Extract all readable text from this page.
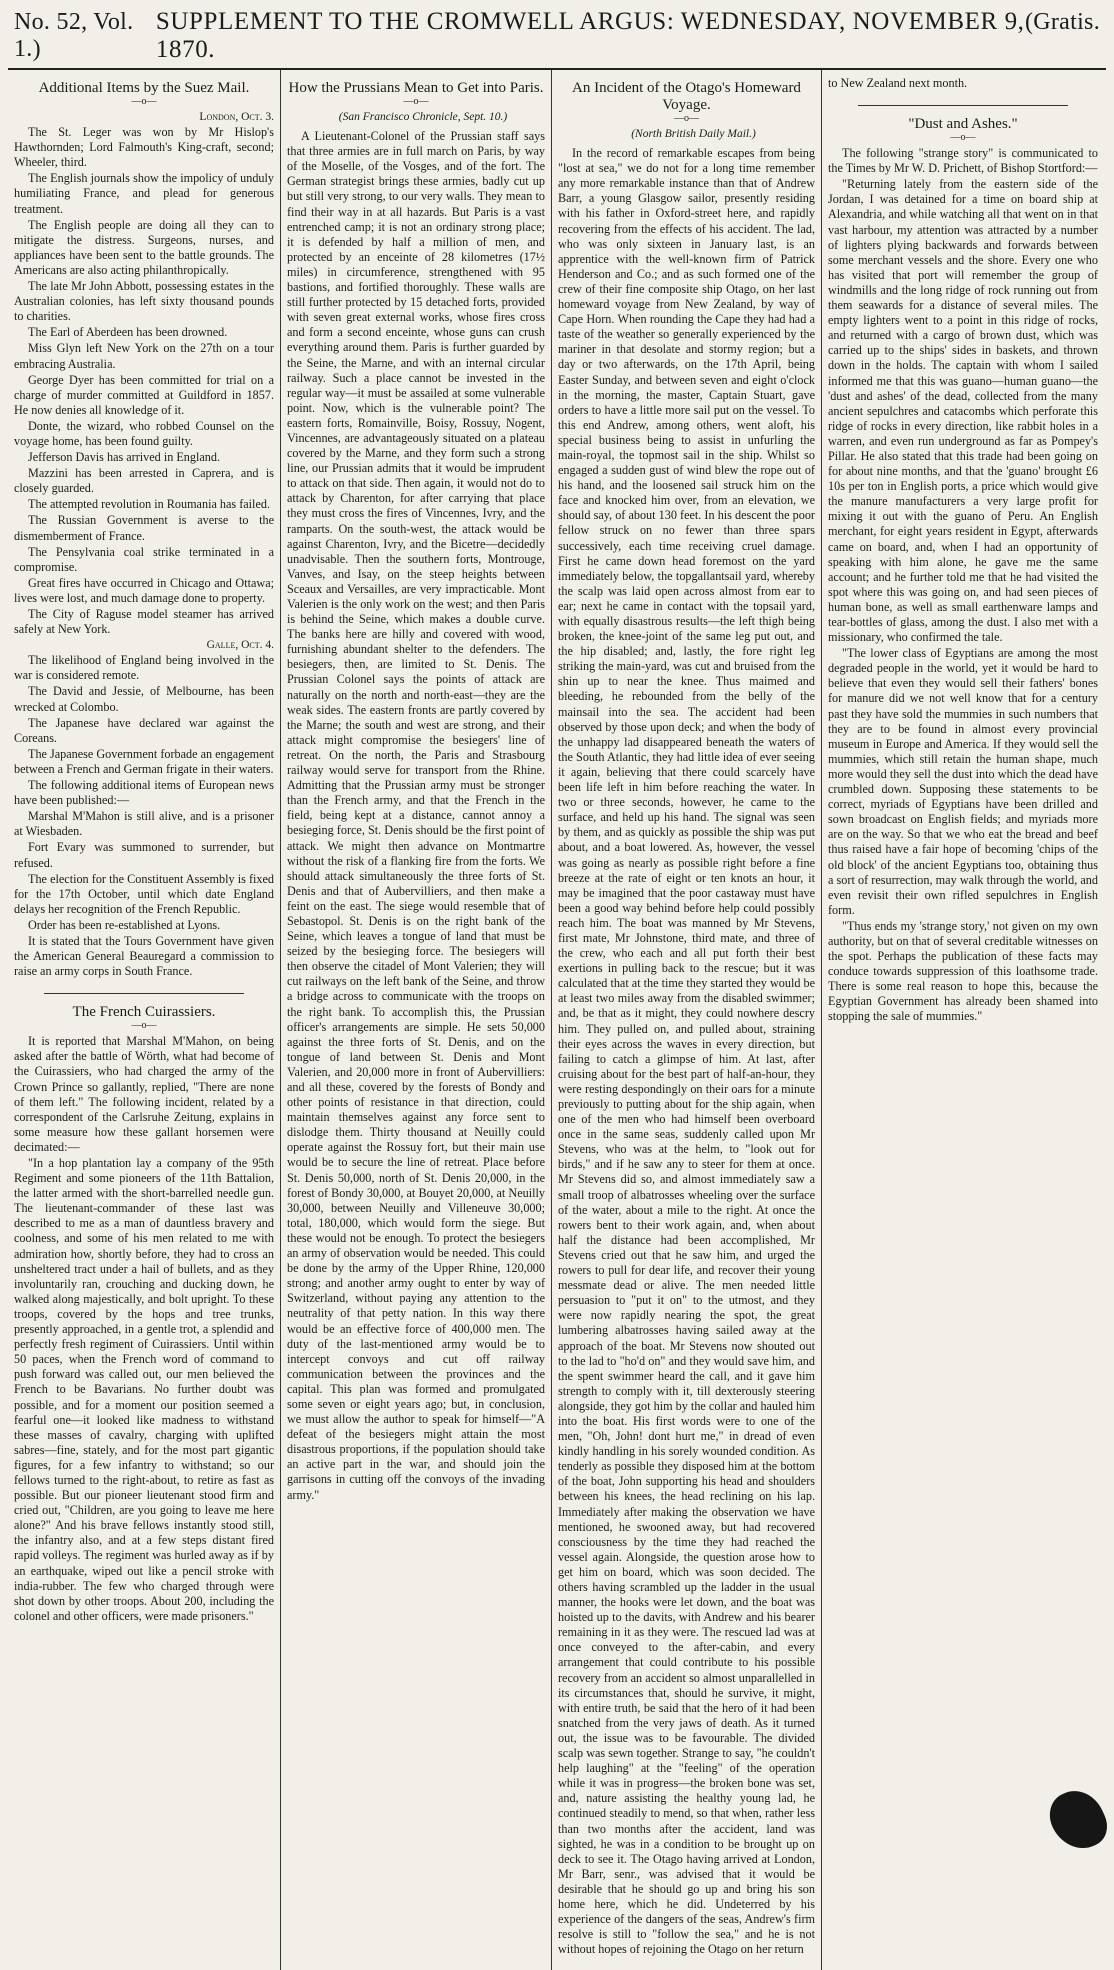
No. 52, Vol. 1.)
SUPPLEMENT TO THE CROMWELL ARGUS: WEDNESDAY, NOVEMBER 9, 1870.
(Gratis.
Additional Items by the Suez Mail.
—o—

London, Oct. 3.

The St. Leger was won by Mr Hislop's Hawthornden; Lord Falmouth's King-craft, second; Wheeler, third.

The English journals show the impolicy of unduly humiliating France, and plead for generous treatment.

The English people are doing all they can to mitigate the distress. Surgeons, nurses, and appliances have been sent to the battle grounds. The Americans are also acting philanthropically.

The late Mr John Abbott, possessing estates in the Australian colonies, has left sixty thousand pounds to charities.

The Earl of Aberdeen has been drowned.

Miss Glyn left New York on the 27th on a tour embracing Australia.

George Dyer has been committed for trial on a charge of murder committed at Guildford in 1857. He now denies all knowledge of it.

Donte, the wizard, who robbed Counsel on the voyage home, has been found guilty.

Jefferson Davis has arrived in England.

Mazzini has been arrested in Caprera, and is closely guarded.

The attempted revolution in Roumania has failed.

The Russian Government is averse to the dismemberment of France.

The Pensylvania coal strike terminated in a compromise.

Great fires have occurred in Chicago and Ottawa; lives were lost, and much damage done to property.

The City of Raguse model steamer has arrived safely at New York.

Galle, Oct. 4.

The likelihood of England being involved in the war is considered remote.

The David and Jessie, of Melbourne, has been wrecked at Colombo.

The Japanese have declared war against the Coreans.

The Japanese Government forbade an engagement between a French and German frigate in their waters.

The following additional items of European news have been published:—

Marshal M'Mahon is still alive, and is a prisoner at Wiesbaden.

Fort Evary was summoned to surrender, but refused.

The election for the Constituent Assembly is fixed for the 17th October, until which date England delays her recognition of the French Republic.

Order has been re-established at Lyons.

It is stated that the Tours Government have given the American General Beauregard a commission to raise an army corps in South France.

The French Cuirassiers.
—o—

It is reported that Marshal M'Mahon, on being asked after the battle of Wörth, what had become of the Cuirassiers, who had charged the army of the Crown Prince so gallantly, replied, "There are none of them left." The following incident, related by a correspondent of the Carlsruhe Zeitung, explains in some measure how these gallant horsemen were decimated:—

"In a hop plantation lay a company of the 95th Regiment and some pioneers of the 11th Battalion, the latter armed with the short-barrelled needle gun. The lieutenant-commander of these last was described to me as a man of dauntless bravery and coolness, and some of his men related to me with admiration how, shortly before, they had to cross an unsheltered tract under a hail of bullets, and as they involuntarily ran, crouching and ducking down, he walked along majestically, and bolt upright. To these troops, covered by the hops and tree trunks, presently approached, in a gentle trot, a splendid and perfectly fresh regiment of Cuirassiers. Until within 50 paces, when the French word of command to push forward was called out, our men believed the French to be Bavarians. No further doubt was possible, and for a moment our position seemed a fearful one—it looked like madness to withstand these masses of cavalry, charging with uplifted sabres—fine, stately, and for the most part gigantic figures, for a few infantry to withstand; so our fellows turned to the right-about, to retire as fast as possible. But our pioneer lieutenant stood firm and cried out, "Children, are you going to leave me here alone?" And his brave fellows instantly stood still, the infantry also, and at a few steps distant fired rapid volleys. The regiment was hurled away as if by an earthquake, wiped out like a pencil stroke with india-rubber. The few who charged through were shot down by other troops. About 200, including the colonel and other officers, were made prisoners."

How the Prussians Mean to Get into Paris.
—o—

(San Francisco Chronicle, Sept. 10.)

A Lieutenant-Colonel of the Prussian staff says that three armies are in full march on Paris, by way of the Moselle, of the Vosges, and of the fort. The German strategist brings these armies, badly cut up but still very strong, to our very walls. They mean to find their way in at all hazards. But Paris is a vast entrenched camp; it is not an ordinary strong place; it is defended by half a million of men, and protected by an enceinte of 28 kilometres (17½ miles) in circumference, strengthened with 95 bastions, and fortified thoroughly. These walls are still further protected by 15 detached forts, provided with seven great external works, whose fires cross and form a second enceinte, whose guns can crush everything around them. Paris is further guarded by the Seine, the Marne, and with an internal circular railway. Such a place cannot be invested in the regular way—it must be assailed at some vulnerable point. Now, which is the vulnerable point? The eastern forts, Romainville, Boisy, Rossuy, Nogent, Vincennes, are advantageously situated on a plateau covered by the Marne, and they form such a strong line, our Prussian admits that it would be imprudent to attack on that side. Then again, it would not do to attack by Charenton, for after carrying that place they must cross the fires of Vincennes, Ivry, and the ramparts. On the south-west, the attack would be against Charenton, Ivry, and the Bicetre—decidedly unadvisable. Then the southern forts, Montrouge, Vanves, and Isay, on the steep heights between Sceaux and Versailles, are very impracticable. Mont Valerien is the only work on the west; and then Paris is behind the Seine, which makes a double curve. The banks here are hilly and covered with wood, furnishing abundant shelter to the defenders. The besiegers, then, are limited to St. Denis. The Prussian Colonel says the points of attack are naturally on the north and north-east—they are the weak sides. The eastern fronts are partly covered by the Marne; the south and west are strong, and their attack might compromise the besiegers' line of retreat. On the north, the Paris and Strasbourg railway would serve for transport from the Rhine. Admitting that the Prussian army must be stronger than the French army, and that the French in the field, being kept at a distance, cannot annoy a besieging force, St. Denis should be the first point of attack. We might then advance on Montmartre without the risk of a flanking fire from the forts. We should attack simultaneously the three forts of St. Denis and that of Aubervilliers, and then make a feint on the east. The siege would resemble that of Sebastopol. St. Denis is on the right bank of the Seine, which leaves a tongue of land that must be seized by the besieging force. The besiegers will then observe the citadel of Mont Valerien; they will cut railways on the left bank of the Seine, and throw a bridge across to communicate with the troops on the right bank. To accomplish this, the Prussian officer's arrangements are simple. He sets 50,000 against the three forts of St. Denis, and on the tongue of land between St. Denis and Mont Valerien, and 20,000 more in front of Aubervilliers: and all these, covered by the forests of Bondy and other points of resistance in that direction, could maintain themselves against any force sent to dislodge them. Thirty thousand at Neuilly could operate against the Rossuy fort, but their main use would be to secure the line of retreat. Place before St. Denis 50,000, north of St. Denis 20,000, in the forest of Bondy 30,000, at Bouyet 20,000, at Neuilly 30,000, between Neuilly and Villeneuve 30,000; total, 180,000, which would form the siege. But these would not be enough. To protect the besiegers an army of observation would be needed. This could be done by the army of the Upper Rhine, 120,000 strong; and another army ought to enter by way of Switzerland, without paying any attention to the neutrality of that petty nation. In this way there would be an effective force of 400,000 men. The duty of the last-mentioned army would be to intercept convoys and cut off railway communication between the provinces and the capital. This plan was formed and promulgated some seven or eight years ago; but, in conclusion, we must allow the author to speak for himself—"A defeat of the besiegers might attain the most disastrous proportions, if the population should take an active part in the war, and should join the garrisons in cutting off the convoys of the invading army."

An Incident of the Otago's Homeward Voyage.
—o—

(North British Daily Mail.)

In the record of remarkable escapes from being "lost at sea," we do not for a long time remember any more remarkable instance than that of Andrew Barr, a young Glasgow sailor, presently residing with his father in Oxford-street here, and rapidly recovering from the effects of his accident. The lad, who was only sixteen in January last, is an apprentice with the well-known firm of Patrick Henderson and Co.; and as such formed one of the crew of their fine composite ship Otago, on her last homeward voyage from New Zealand, by way of Cape Horn. When rounding the Cape they had had a taste of the weather so generally experienced by the mariner in that desolate and stormy region; but a day or two afterwards, on the 17th April, being Easter Sunday, and between seven and eight o'clock in the morning, the master, Captain Stuart, gave orders to have a little more sail put on the vessel. To this end Andrew, among others, went aloft, his special business being to assist in unfurling the main-royal, the topmost sail in the ship. Whilst so engaged a sudden gust of wind blew the rope out of his hand, and the loosened sail struck him on the face and knocked him over, from an elevation, we should say, of about 130 feet. In his descent the poor fellow struck on no fewer than three spars successively, each time receiving cruel damage. First he came down head foremost on the yard immediately below, the topgallantsail yard, whereby the scalp was laid open across almost from ear to ear; next he came in contact with the topsail yard, with equally disastrous results—the left thigh being broken, the knee-joint of the same leg put out, and the hip disabled; and, lastly, the fore right leg striking the main-yard, was cut and bruised from the shin up to near the knee. Thus maimed and bleeding, he rebounded from the belly of the mainsail into the sea. The accident had been observed by those upon deck; and when the body of the unhappy lad disappeared beneath the waters of the South Atlantic, they had little idea of ever seeing it again, believing that there could scarcely have been life left in him before reaching the water. In two or three seconds, however, he came to the surface, and held up his hand. The signal was seen by them, and as quickly as possible the ship was put about, and a boat lowered. As, however, the vessel was going as nearly as possible right before a fine breeze at the rate of eight or ten knots an hour, it may be imagined that the poor castaway must have been a good way behind before help could possibly reach him. The boat was manned by Mr Stevens, first mate, Mr Johnstone, third mate, and three of the crew, who each and all put forth their best exertions in pulling back to the rescue; but it was calculated that at the time they started they would be at least two miles away from the disabled swimmer; and, be that as it might, they could nowhere descry him. They pulled on, and pulled about, straining their eyes across the waves in every direction, but failing to catch a glimpse of him. At last, after cruising about for the best part of half-an-hour, they were resting despondingly on their oars for a minute previously to putting about for the ship again, when one of the men who had himself been overboard once in the same seas, suddenly called upon Mr Stevens, who was at the helm, to "look out for birds," and if he saw any to steer for them at once. Mr Stevens did so, and almost immediately saw a small troop of albatrosses wheeling over the surface of the water, about a mile to the right. At once the rowers bent to their work again, and, when about half the distance had been accomplished, Mr Stevens cried out that he saw him, and urged the rowers to pull for dear life, and recover their young messmate dead or alive. The men needed little persuasion to "put it on" to the utmost, and they were now rapidly nearing the spot, the great lumbering albatrosses having sailed away at the approach of the boat. Mr Stevens now shouted out to the lad to "ho'd on" and they would save him, and the spent swimmer heard the call, and it gave him strength to comply with it, till dexterously steering alongside, they got him by the collar and hauled him into the boat. His first words were to one of the men, "Oh, John! dont hurt me," in dread of even kindly handling in his sorely wounded condition. As tenderly as possible they disposed him at the bottom of the boat, John supporting his head and shoulders between his knees, the head reclining on his lap. Immediately after making the observation we have mentioned, he swooned away, but had recovered consciousness by the time they had reached the vessel again. Alongside, the question arose how to get him on board, which was soon decided. The others having scrambled up the ladder in the usual manner, the hooks were let down, and the boat was hoisted up to the davits, with Andrew and his bearer remaining in it as they were. The rescued lad was at once conveyed to the after-cabin, and every arrangement that could contribute to his possible recovery from an accident so almost unparallelled in its circumstances that, should he survive, it might, with entire truth, be said that the hero of it had been snatched from the very jaws of death. As it turned out, the issue was to be favourable. The divided scalp was sewn together. Strange to say, "he couldn't help laughing" at the "feeling" of the operation while it was in progress—the broken bone was set, and, nature assisting the healthy young lad, he continued steadily to mend, so that when, rather less than two months after the accident, land was sighted, he was in a condition to be brought up on deck to see it. The Otago having arrived at London, Mr Barr, senr., was advised that it would be desirable that he should go up and bring his son home here, which he did. Undeterred by his experience of the dangers of the seas, Andrew's firm resolve is still to "follow the sea," and he is not without hopes of rejoining the Otago on her return

to New Zealand next month.

"Dust and Ashes."
—o—

The following "strange story" is communicated to the Times by Mr W. D. Prichett, of Bishop Stortford:—

"Returning lately from the eastern side of the Jordan, I was detained for a time on board ship at Alexandria, and while watching all that went on in that vast harbour, my attention was attracted by a number of lighters plying backwards and forwards between some merchant vessels and the shore. Every one who has visited that port will remember the group of windmills and the long ridge of rock running out from them seawards for a distance of several miles. The empty lighters went to a point in this ridge of rocks, and returned with a cargo of brown dust, which was carried up to the ships' sides in baskets, and thrown down in the holds. The captain with whom I sailed informed me that this was guano—human guano—the 'dust and ashes' of the dead, collected from the many ancient sepulchres and catacombs which perforate this ridge of rocks in every direction, like rabbit holes in a warren, and even run underground as far as Pompey's Pillar. He also stated that this trade had been going on for about nine months, and that the 'guano' brought £6 10s per ton in English ports, a price which would give the manure manufacturers a very large profit for mixing it out with the guano of Peru. An English merchant, for eight years resident in Egypt, afterwards came on board, and, when I had an opportunity of speaking with him alone, he gave me the same account; and he further told me that he had visited the spot where this was going on, and had seen pieces of human bone, as well as small earthenware lamps and tear-bottles of glass, among the dust. I also met with a missionary, who confirmed the tale.

"The lower class of Egyptians are among the most degraded people in the world, yet it would be hard to believe that even they would sell their fathers' bones for manure did we not well know that for a century past they have sold the mummies in such numbers that they are to be found in almost every provincial museum in Europe and America. If they would sell the mummies, which still retain the human shape, much more would they sell the dust into which the dead have crumbled down. Supposing these statements to be correct, myriads of Egyptians have been drilled and sown broadcast on English fields; and myriads more are on the way. So that we who eat the bread and beef thus raised have a fair hope of becoming 'chips of the old block' of the ancient Egyptians too, obtaining thus a sort of resurrection, may walk through the world, and even revisit their own rifled sepulchres in English form.

"Thus ends my 'strange story,' not given on my own authority, but on that of several creditable witnesses on the spot. Perhaps the publication of these facts may conduce towards suppression of this loathsome trade. There is some real reason to hope this, because the Egyptian Government has already been shamed into stopping the sale of mummies."
